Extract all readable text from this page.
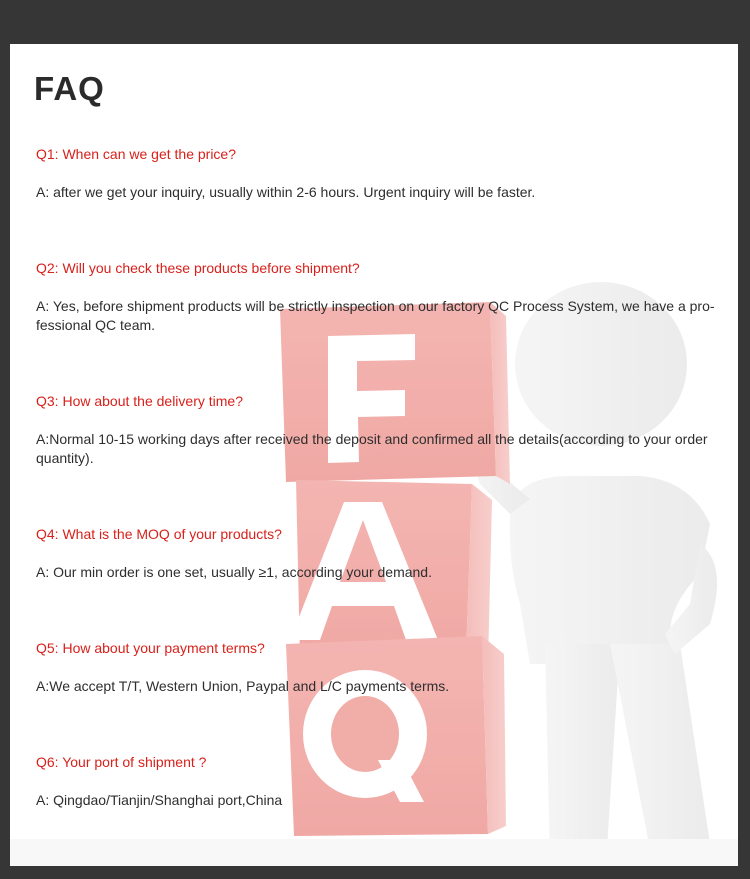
FAQ

Q1: When can we get the price?

A: after we get your inquiry, usually within 2-6 hours. Urgent inquiry will be faster.

Q2: Will you check these products before shipment?

A: Yes, before shipment products will be strictly inspection on our factory QC Process System, we have a pro-fessional QC team.

Q3: How about the delivery time?

A:Normal 10-15 working days after received the deposit and confirmed all the details(according to your order quantity).

Q4: What is the MOQ of your products?

A: Our min order is one set, usually ≥1, according your demand.

Q5: How about your payment terms?

A:We accept T/T, Western Union, Paypal and L/C payments terms.

Q6: Your port of shipment ?

A: Qingdao/Tianjin/Shanghai port,China
